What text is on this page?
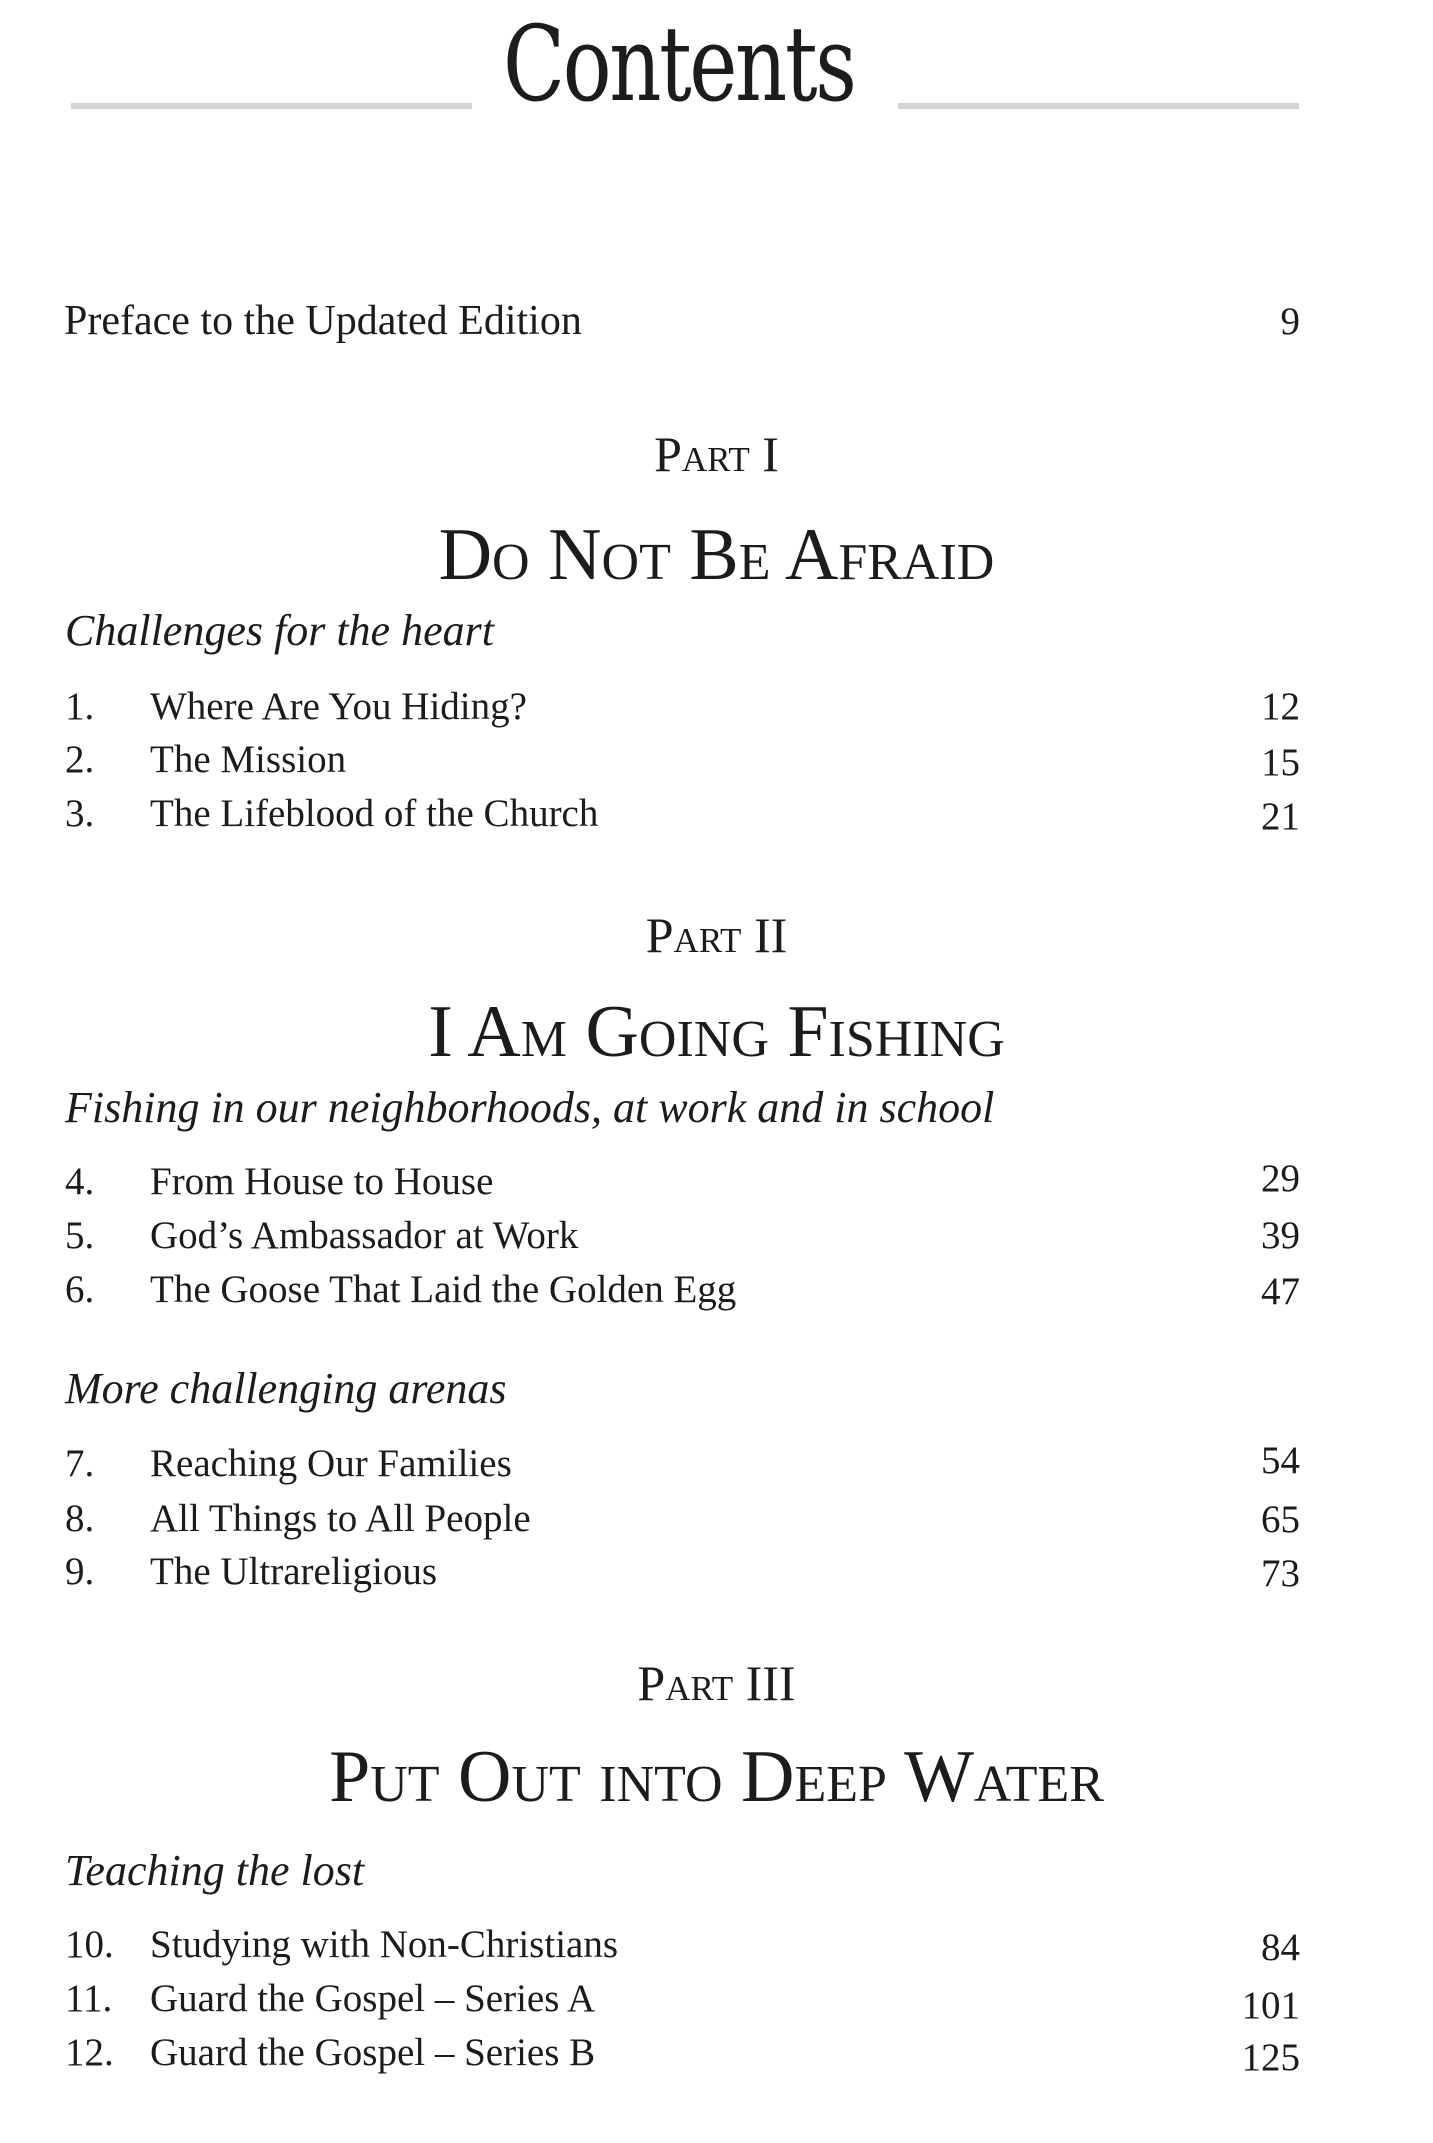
Contents
Preface to the Updated Edition	9
Part I
Do Not Be Afraid
Challenges for the heart
1. Where Are You Hiding?	12
2. The Mission	15
3. The Lifeblood of the Church	21
Part II
I Am Going Fishing
Fishing in our neighborhoods, at work and in school
4. From House to House	29
5. God’s Ambassador at Work	39
6. The Goose That Laid the Golden Egg	47
More challenging arenas
7. Reaching Our Families	54
8. All Things to All People	65
9. The Ultrareligious	73
Part III
Put Out into Deep Water
Teaching the lost
10. Studying with Non-Christians	84
11. Guard the Gospel – Series A	101
12. Guard the Gospel – Series B	125
